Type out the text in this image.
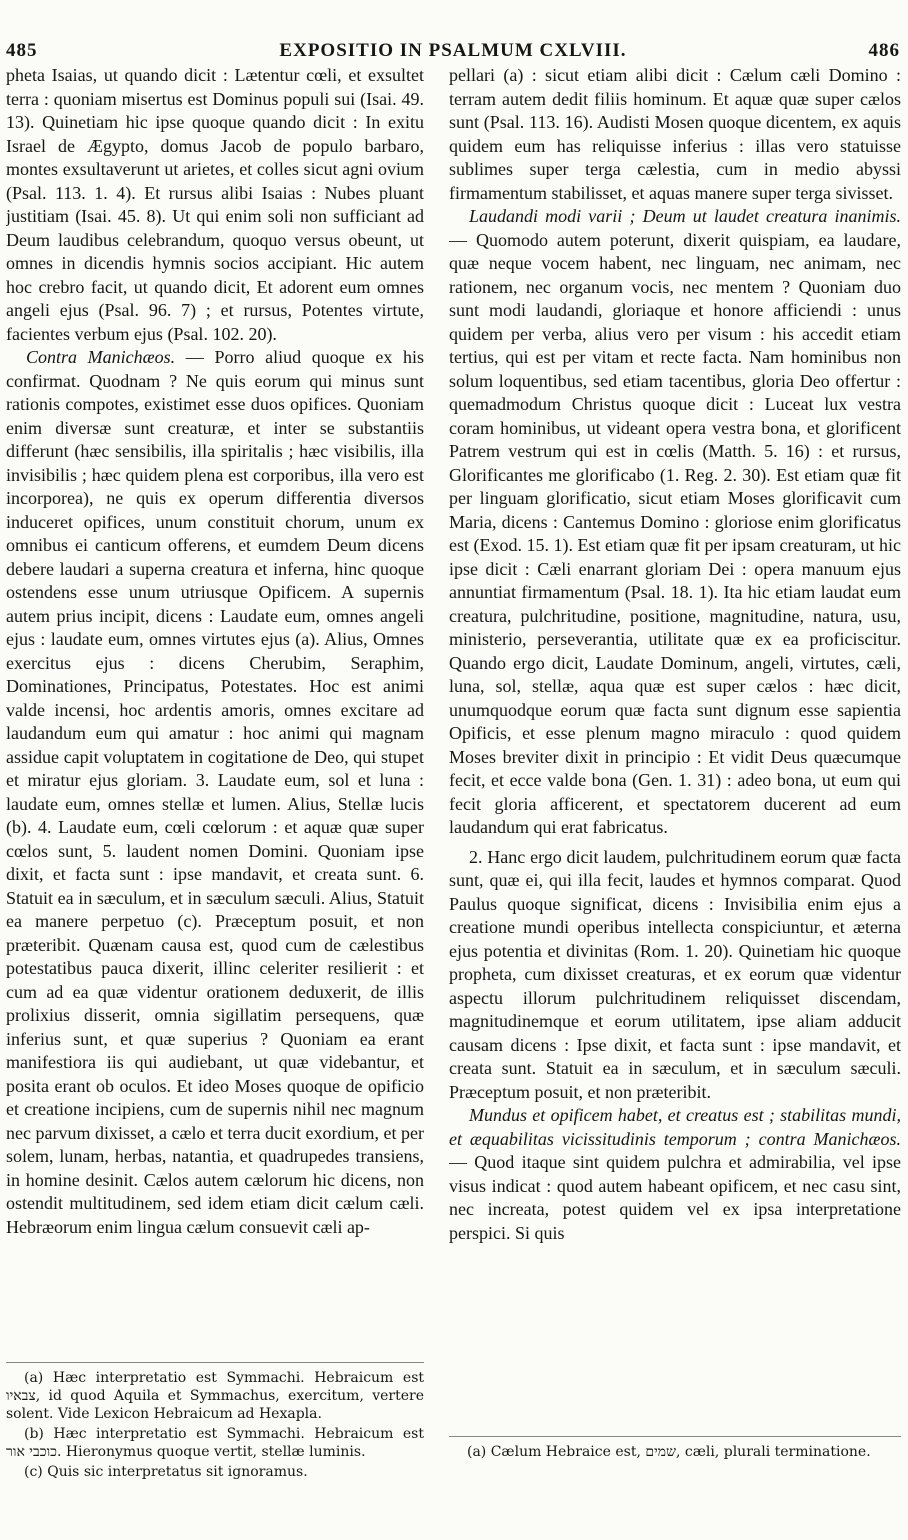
485	EXPOSITIO IN PSALMUM CXLVIII.	486

pheta Isaias, ut quando dicit : Lætentur cœli, et exsultet terra : quoniam misertus est Dominus populi sui (Isai. 49. 13). Quinetiam hic ipse quoque quando dicit : In exitu Israel de Ægypto, domus Jacob de populo barbaro, montes exsultaverunt ut arietes, et colles sicut agni ovium (Psal. 113. 1. 4). Et rursus alibi Isaias : Nubes pluant justitiam (Isai. 45. 8). Ut qui enim soli non sufficiant ad Deum laudibus celebrandum, quoquo versus obeunt, ut omnes in dicendis hymnis socios accipiant. Hic autem hoc crebro facit, ut quando dicit, Et adorent eum omnes angeli ejus (Psal. 96. 7) ; et rursus, Potentes virtute, facientes verbum ejus (Psal. 102. 20).

Contra Manichæos. — Porro aliud quoque ex his confirmat. Quodnam ? Ne quis eorum qui minus sunt rationis compotes, existimet esse duos opifices. Quoniam enim diversæ sunt creaturæ, et inter se substantiis differunt (hæc sensibilis, illa spiritalis ; hæc visibilis, illa invisibilis ; hæc quidem plena est corporibus, illa vero est incorporea), ne quis ex operum differentia diversos induceret opifices, unum constituit chorum, unum ex omnibus ei canticum offerens, et eumdem Deum dicens debere laudari a superna creatura et inferna, hinc quoque ostendens esse unum utriusque Opificem. A supernis autem prius incipit, dicens : Laudate eum, omnes angeli ejus : laudate eum, omnes virtutes ejus (a). Alius, Omnes exercitus ejus : dicens Cherubim, Seraphim, Dominationes, Principatus, Potestates. Hoc est animi valde incensi, hoc ardentis amoris, omnes excitare ad laudandum eum qui amatur : hoc animi qui magnam assidue capit voluptatem in cogitatione de Deo, qui stupet et miratur ejus gloriam. 3. Laudate eum, sol et luna : laudate eum, omnes stellæ et lumen. Alius, Stellæ lucis (b). 4. Laudate eum, cœli cœlorum : et aquæ quæ super cœlos sunt, 5. laudent nomen Domini. Quoniam ipse dixit, et facta sunt : ipse mandavit, et creata sunt. 6. Statuit ea in sæculum, et in sæculum sæculi. Alius, Statuit ea manere perpetuo (c). Præceptum posuit, et non præteribit. Quænam causa est, quod cum de cælestibus potestatibus pauca dixerit, illinc celeriter resilierit : et cum ad ea quæ videntur orationem deduxerit, de illis prolixius disserit, omnia sigillatim persequens, quæ inferius sunt, et quæ superius ? Quoniam ea erant manifestiora iis qui audiebant, ut quæ videbantur, et posita erant ob oculos. Et ideo Moses quoque de opificio et creatione incipiens, cum de supernis nihil nec magnum nec parvum dixisset, a cælo et terra ducit exordium, et per solem, lunam, herbas, natantia, et quadrupedes transiens, in homine desinit. Cælos autem cælorum hic dicens, non ostendit multitudinem, sed idem etiam dicit cælum cæli. Hebræorum enim lingua cælum consuevit cæli ap-

(a) Hæc interpretatio est Symmachi. Hebraicum est צבאיו, id quod Aquila et Symmachus, exercitum, vertere solent. Vide Lexicon Hebraicum ad Hexapla.

(b) Hæc interpretatio est Symmachi. Hebraicum est כוכבי אור. Hieronymus quoque vertit, stellæ luminis.

(c) Quis sic interpretatus sit ignoramus.

pellari (a) : sicut etiam alibi dicit : Cælum cæli Domino : terram autem dedit filiis hominum. Et aquæ quæ super cælos sunt (Psal. 113. 16). Audisti Mosen quoque dicentem, ex aquis quidem eum has reliquisse inferius : illas vero statuisse sublimes super terga cælestia, cum in medio abyssi firmamentum stabilisset, et aquas manere super terga sivisset.

Laudandi modi varii ; Deum ut laudet creatura inanimis. — Quomodo autem poterunt, dixerit quispiam, ea laudare, quæ neque vocem habent, nec linguam, nec animam, nec rationem, nec organum vocis, nec mentem ? Quoniam duo sunt modi laudandi, gloriaque et honore afficiendi : unus quidem per verba, alius vero per visum : his accedit etiam tertius, qui est per vitam et recte facta. Nam hominibus non solum loquentibus, sed etiam tacentibus, gloria Deo offertur : quemadmodum Christus quoque dicit : Luceat lux vestra coram hominibus, ut videant opera vestra bona, et glorificent Patrem vestrum qui est in cœlis (Matth. 5. 16) : et rursus, Glorificantes me glorificabo (1. Reg. 2. 30). Est etiam quæ fit per linguam glorificatio, sicut etiam Moses glorificavit cum Maria, dicens : Cantemus Domino : gloriose enim glorificatus est (Exod. 15. 1). Est etiam quæ fit per ipsam creaturam, ut hic ipse dicit : Cæli enarrant gloriam Dei : opera manuum ejus annuntiat firmamentum (Psal. 18. 1). Ita hic etiam laudat eum creatura, pulchritudine, positione, magnitudine, natura, usu, ministerio, perseverantia, utilitate quæ ex ea proficiscitur. Quando ergo dicit, Laudate Dominum, angeli, virtutes, cæli, luna, sol, stellæ, aqua quæ est super cælos : hæc dicit, unumquodque eorum quæ facta sunt dignum esse sapientia Opificis, et esse plenum magno miraculo : quod quidem Moses breviter dixit in principio : Et vidit Deus quæcumque fecit, et ecce valde bona (Gen. 1. 31) : adeo bona, ut eum qui fecit gloria afficerent, et spectatorem ducerent ad eum laudandum qui erat fabricatus.

2. Hanc ergo dicit laudem, pulchritudinem eorum quæ facta sunt, quæ ei, qui illa fecit, laudes et hymnos comparat. Quod Paulus quoque significat, dicens : Invisibilia enim ejus a creatione mundi operibus intellecta conspiciuntur, et æterna ejus potentia et divinitas (Rom. 1. 20). Quinetiam hic quoque propheta, cum dixisset creaturas, et ex eorum quæ videntur aspectu illorum pulchritudinem reliquisset discendam, magnitudinemque et eorum utilitatem, ipse aliam adducit causam dicens : Ipse dixit, et facta sunt : ipse mandavit, et creata sunt. Statuit ea in sæculum, et in sæculum sæculi. Præceptum posuit, et non præteribit.

Mundus et opificem habet, et creatus est ; stabilitas mundi, et æquabilitas vicissitudinis temporum ; contra Manichæos. — Quod itaque sint quidem pulchra et admirabilia, vel ipse visus indicat : quod autem habeant opificem, et nec casu sint, nec increata, potest quidem vel ex ipsa interpretatione perspici. Si quis

(a) Cælum Hebraice est, שמים, cæli, plurali terminatione.
